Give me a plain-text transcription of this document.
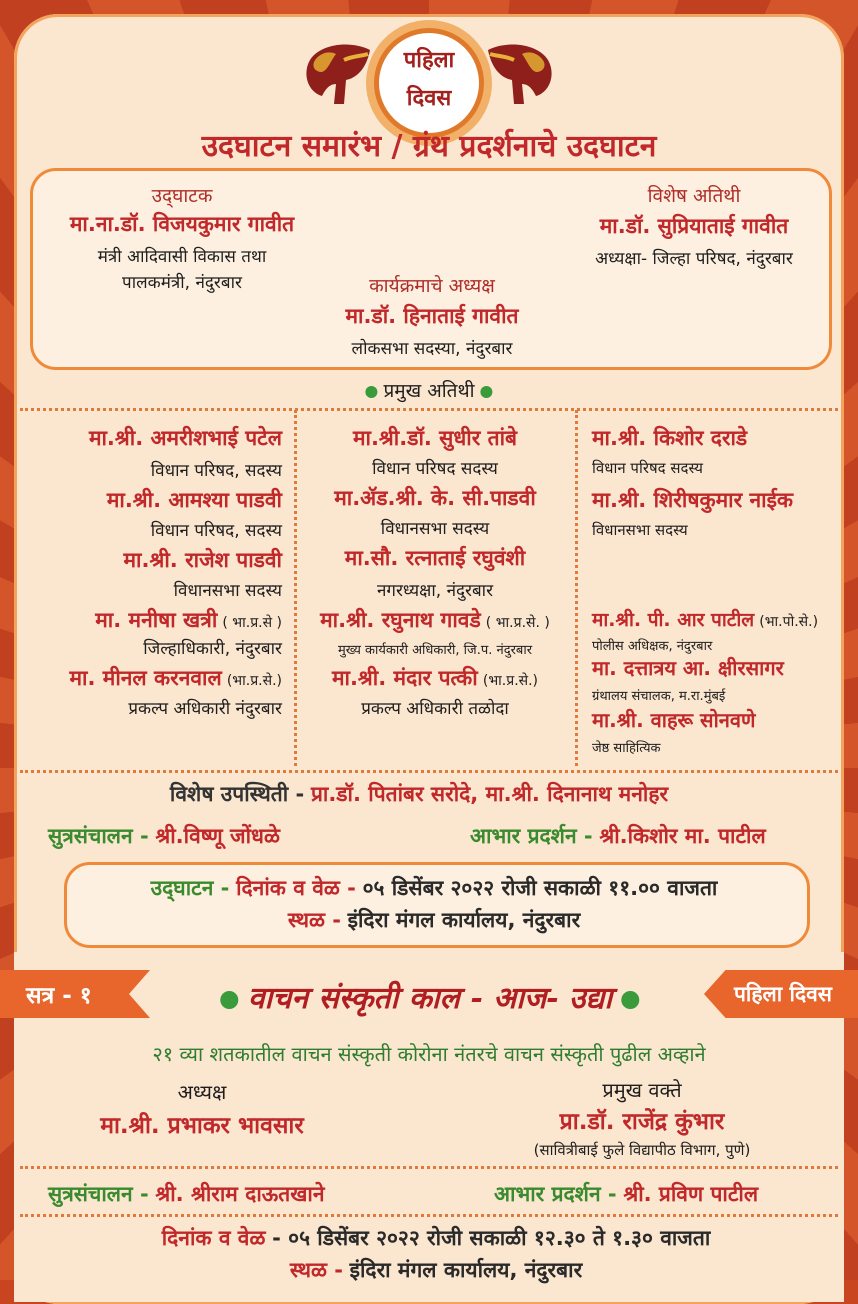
पहिला
दिवस
उदघाटन समारंभ / ग्रंथ प्रदर्शनाचे उदघाटन
उद्‌घाटक
मा.ना.डॉ. विजयकुमार गावीत
मंत्री आदिवासी विकास तथा
पालकमंत्री, नंदुरबार
विशेष अतिथी
मा.डॉ. सुप्रियाताई गावीत
अध्यक्षा- जिल्हा परिषद, नंदुरबार
कार्यक्रमाचे अध्यक्ष
मा.डॉ. हिनाताई गावीत
लोकसभा सदस्या, नंदुरबार
प्रमुख अतिथी
मा.श्री. अमरीशभाई पटेल
विधान परिषद, सदस्य
मा.श्री. आमश्या पाडवी
विधान परिषद, सदस्य
मा.श्री. राजेश पाडवी
विधानसभा सदस्य
मा. मनीषा खत्री ( भा.प्र.से )
जिल्हाधिकारी, नंदुरबार
मा. मीनल करनवाल (भा.प्र.से.)
प्रकल्प अधिकारी नंदुरबार
मा.श्री.डॉ. सुधीर तांबे
विधान परिषद सदस्य
मा.ॲड.श्री. के. सी.पाडवी
विधानसभा सदस्य
मा.सौ. रत्नाताई रघुवंशी
नगरध्यक्षा, नंदुरबार
मा.श्री. रघुनाथ गावडे ( भा.प्र.से. )
मुख्य कार्यकारी अधिकारी, जि.प. नंदुरबार
मा.श्री. मंदार पत्की (भा.प्र.से.)
प्रकल्प अधिकारी तळोदा
मा.श्री. किशोर दराडे
विधान परिषद सदस्य
मा.श्री. शिरीषकुमार नाईक
विधानसभा सदस्य
मा.श्री. पी. आर पाटील (भा.पो.से.)
पोलीस अधिक्षक, नंदुरबार
मा. दत्तात्रय आ. क्षीरसागर
ग्रंथालय संचालक, म.रा.मुंबई
मा.श्री. वाहरू सोनवणे
जेष्ठ साहित्यिक
विशेष उपस्थिती - प्रा.डॉ. पितांबर सरोदे, मा.श्री. दिनानाथ मनोहर
सुत्रसंचालन - श्री.विष्णू जोंधळे	आभार प्रदर्शन - श्री.किशोर मा. पाटील
उद्‌घाटन - दिनांक व वेळ - ०५ डिसेंबर २०२२ रोजी सकाळी ११.०० वाजता
स्थळ - इंदिरा मंगल कार्यालय, नंदुरबार
सत्र - १	पहिला दिवस
वाचन संस्कृती काल - आज- उद्या
२१ व्या शतकातील वाचन संस्कृती कोरोना नंतरचे वाचन संस्कृती पुढील अव्हाने
अध्यक्ष
मा.श्री. प्रभाकर भावसार
प्रमुख वक्ते
प्रा.डॉ. राजेंद्र कुंभार
(सावित्रीबाई फुले विद्यापीठ विभाग, पुणे)
सुत्रसंचालन - श्री. श्रीराम दाऊतखाने	आभार प्रदर्शन - श्री. प्रविण पाटील
दिनांक व वेळ - ०५ डिसेंबर २०२२ रोजी सकाळी १२.३० ते १.३० वाजता
स्थळ - इंदिरा मंगल कार्यालय, नंदुरबार
